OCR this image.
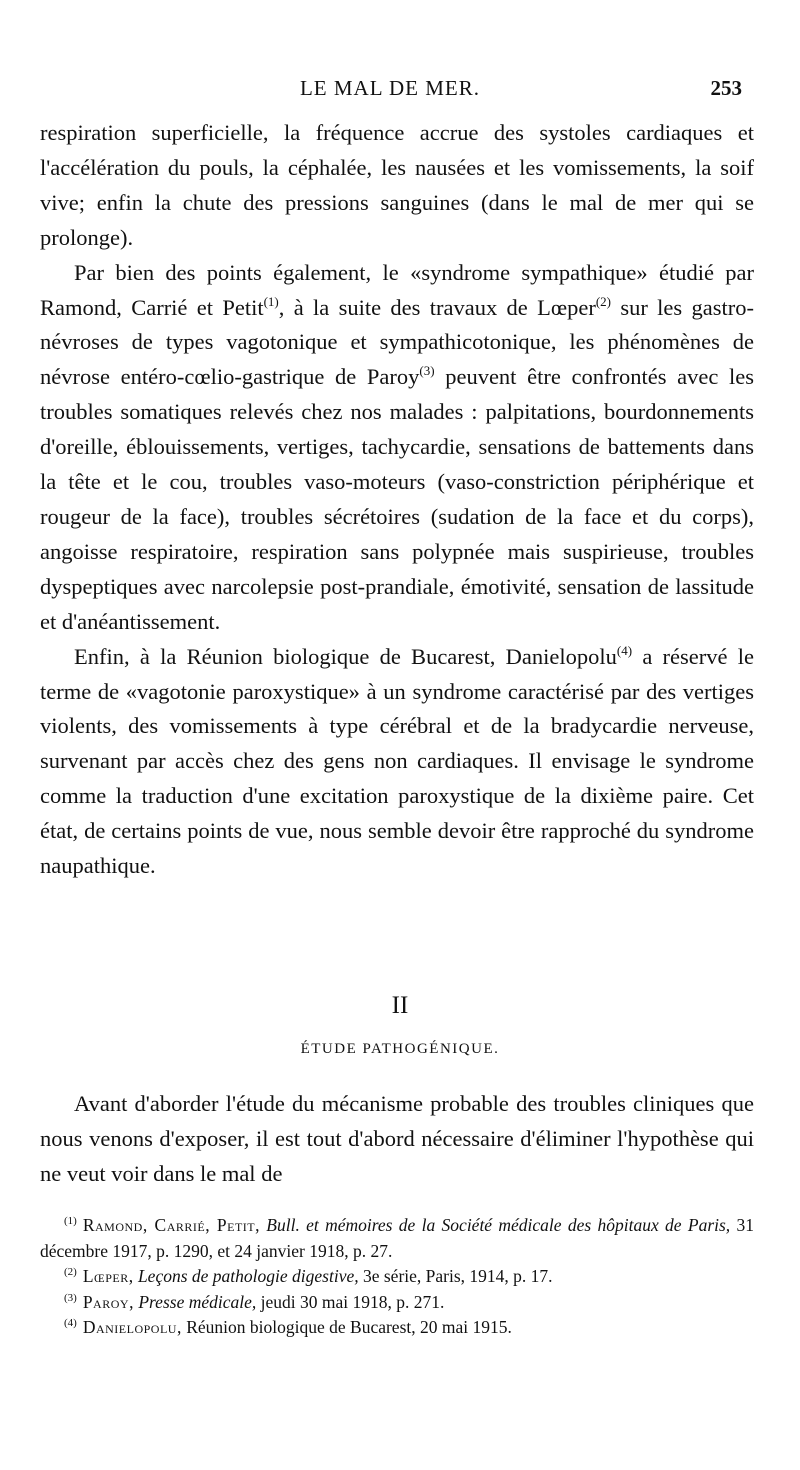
LE MAL DE MER.	253

respiration superficielle, la fréquence accrue des systoles cardiaques et l'accélération du pouls, la céphalée, les nausées et les vomissements, la soif vive; enfin la chute des pressions sanguines (dans le mal de mer qui se prolonge).

Par bien des points également, le «syndrome sympathique» étudié par Ramond, Carrié et Petit$^{(1)}$, à la suite des travaux de Lœper$^{(2)}$ sur les gastro-névroses de types vagotonique et sympathicotonique, les phénomènes de névrose entéro-cœlio-gastrique de Paroy$^{(3)}$ peuvent être confrontés avec les troubles somatiques relevés chez nos malades : palpitations, bourdonnements d'oreille, éblouissements, vertiges, tachycardie, sensations de battements dans la tête et le cou, troubles vaso-moteurs (vaso-constriction périphérique et rougeur de la face), troubles sécrétoires (sudation de la face et du corps), angoisse respiratoire, respiration sans polypnée mais suspirieuse, troubles dyspeptiques avec narcolepsie post-prandiale, émotivité, sensation de lassitude et d'anéantissement.

Enfin, à la Réunion biologique de Bucarest, Danielopolu$^{(4)}$ a réservé le terme de «vagotonie paroxystique» à un syndrome caractérisé par des vertiges violents, des vomissements à type cérébral et de la bradycardie nerveuse, survenant par accès chez des gens non cardiaques. Il envisage le syndrome comme la traduction d'une excitation paroxystique de la dixième paire. Cet état, de certains points de vue, nous semble devoir être rapproché du syndrome naupathique.

II
ÉTUDE PATHOGÉNIQUE.

Avant d'aborder l'étude du mécanisme probable des troubles cliniques que nous venons d'exposer, il est tout d'abord nécessaire d'éliminer l'hypothèse qui ne veut voir dans le mal de

$^{(1)}$ Ramond, Carrié, Petit, Bull. et mémoires de la Société médicale des hôpitaux de Paris, 31 décembre 1917, p. 1290, et 24 janvier 1918, p. 27.

$^{(2)}$ Lœper, Leçons de pathologie digestive, 3e série, Paris, 1914, p. 17.

$^{(3)}$ Paroy, Presse médicale, jeudi 30 mai 1918, p. 271.

$^{(4)}$ Danielopolu, Réunion biologique de Bucarest, 20 mai 1915.
